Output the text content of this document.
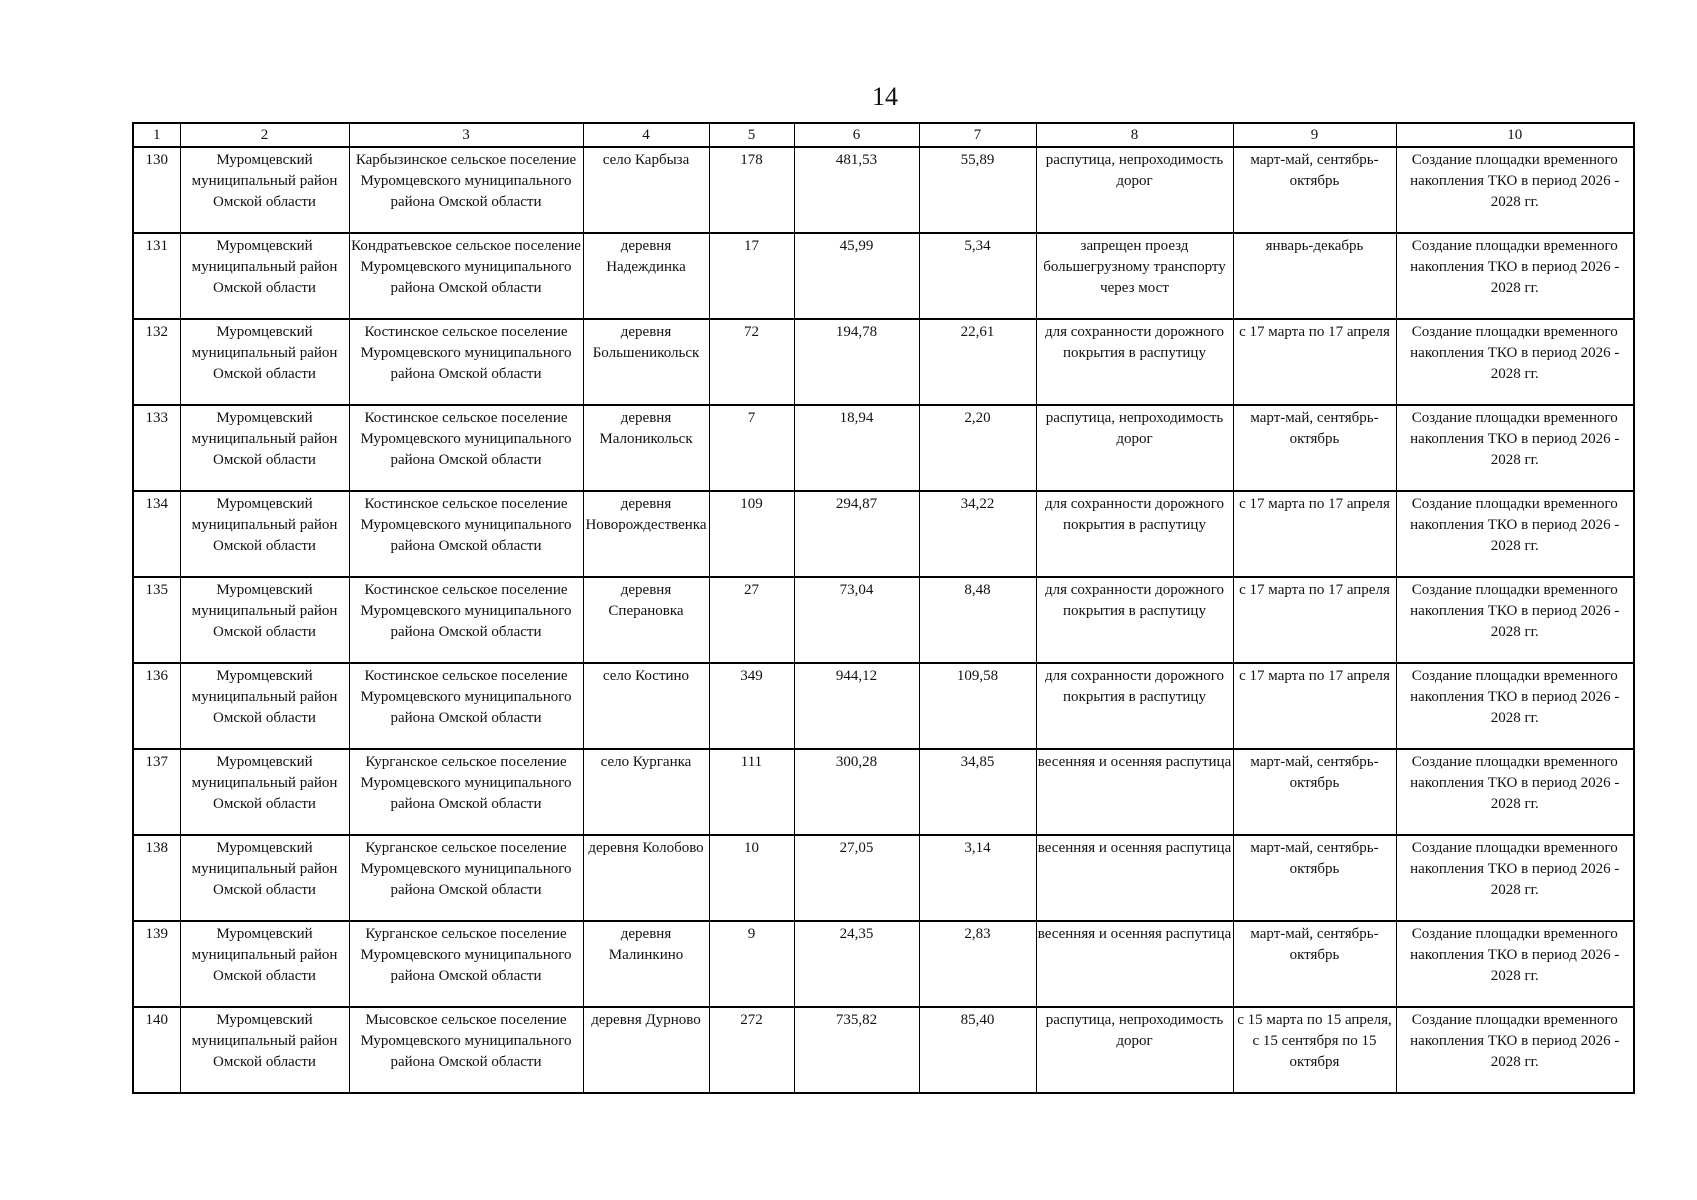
14
1	2	3	4	5	6	7	8	9	10
130	Муромцевский муниципальный район Омской области	Карбызинское сельское поселение Муромцевского муниципального района Омской области	село Карбыза	178	481,53	55,89	распутица, непроходимость дорог	март-май, сентябрь-октябрь	Создание площадки временного накопления ТКО в период 2026 - 2028 гг.
131	Муромцевский муниципальный район Омской области	Кондратьевское сельское поселение Муромцевского муниципального района Омской области	деревня Надеждинка	17	45,99	5,34	запрещен проезд большегрузному транспорту через мост	январь-декабрь	Создание площадки временного накопления ТКО в период 2026 - 2028 гг.
132	Муромцевский муниципальный район Омской области	Костинское сельское поселение Муромцевского муниципального района Омской области	деревня Большеникольск	72	194,78	22,61	для сохранности дорожного покрытия в распутицу	с 17 марта по 17 апреля	Создание площадки временного накопления ТКО в период 2026 - 2028 гг.
133	Муромцевский муниципальный район Омской области	Костинское сельское поселение Муромцевского муниципального района Омской области	деревня Малоникольск	7	18,94	2,20	распутица, непроходимость дорог	март-май, сентябрь-октябрь	Создание площадки временного накопления ТКО в период 2026 - 2028 гг.
134	Муромцевский муниципальный район Омской области	Костинское сельское поселение Муромцевского муниципального района Омской области	деревня Новорождественка	109	294,87	34,22	для сохранности дорожного покрытия в распутицу	с 17 марта по 17 апреля	Создание площадки временного накопления ТКО в период 2026 - 2028 гг.
135	Муромцевский муниципальный район Омской области	Костинское сельское поселение Муромцевского муниципального района Омской области	деревня Сперановка	27	73,04	8,48	для сохранности дорожного покрытия в распутицу	с 17 марта по 17 апреля	Создание площадки временного накопления ТКО в период 2026 - 2028 гг.
136	Муромцевский муниципальный район Омской области	Костинское сельское поселение Муромцевского муниципального района Омской области	село Костино	349	944,12	109,58	для сохранности дорожного покрытия в распутицу	с 17 марта по 17 апреля	Создание площадки временного накопления ТКО в период 2026 - 2028 гг.
137	Муромцевский муниципальный район Омской области	Курганское сельское поселение Муромцевского муниципального района Омской области	село Курганка	111	300,28	34,85	весенняя и осенняя распутица	март-май, сентябрь-октябрь	Создание площадки временного накопления ТКО в период 2026 - 2028 гг.
138	Муромцевский муниципальный район Омской области	Курганское сельское поселение Муромцевского муниципального района Омской области	деревня Колобово	10	27,05	3,14	весенняя и осенняя распутица	март-май, сентябрь-октябрь	Создание площадки временного накопления ТКО в период 2026 - 2028 гг.
139	Муромцевский муниципальный район Омской области	Курганское сельское поселение Муромцевского муниципального района Омской области	деревня Малинкино	9	24,35	2,83	весенняя и осенняя распутица	март-май, сентябрь-октябрь	Создание площадки временного накопления ТКО в период 2026 - 2028 гг.
140	Муромцевский муниципальный район Омской области	Мысовское сельское поселение Муромцевского муниципального района Омской области	деревня Дурново	272	735,82	85,40	распутица, непроходимость дорог	с 15 марта по 15 апреля, с 15 сентября по 15 октября	Создание площадки временного накопления ТКО в период 2026 - 2028 гг.
